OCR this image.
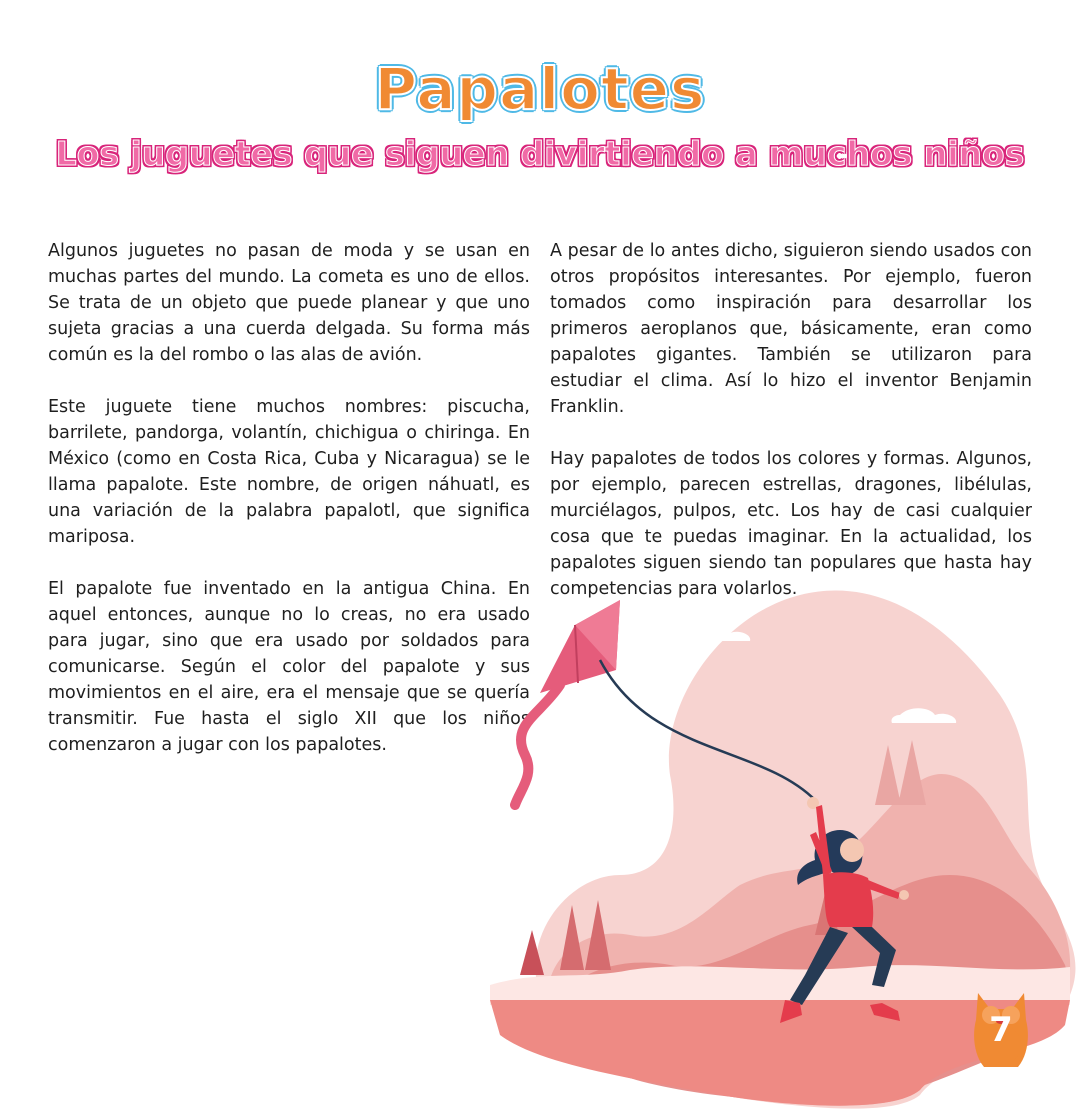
Papalotes
Los juguetes que siguen divirtiendo a muchos niños

Algunos juguetes no pasan de moda y se usan en muchas partes del mundo. La cometa es uno de ellos. Se trata de un objeto que puede planear y que uno sujeta gracias a una cuerda delgada. Su forma más común es la del rombo o las alas de avión.

Este juguete tiene muchos nombres: piscucha, barrilete, pandorga, volantín, chichigua o chiringa. En México (como en Costa Rica, Cuba y Nicaragua) se le llama papalote. Este nombre, de origen náhuatl, es una variación de la palabra papalotl, que significa mariposa.

El papalote fue inventado en la antigua China. En aquel entonces, aunque no lo creas, no era usado para jugar, sino que era usado por soldados para comunicarse. Según el color del papalote y sus movimientos en el aire, era el mensaje que se quería transmitir. Fue hasta el siglo XII que los niños comenzaron a jugar con los papalotes.

A pesar de lo antes dicho, siguieron siendo usados con otros propósitos interesantes. Por ejemplo, fueron tomados como inspiración para desarrollar los primeros aeroplanos que, básicamente, eran como papalotes gigantes. También se utilizaron para estudiar el clima. Así lo hizo el inventor Benjamin Franklin.

Hay papalotes de todos los colores y formas. Algunos, por ejemplo, parecen estrellas, dragones, libélulas, murciélagos, pulpos, etc. Los hay de casi cualquier cosa que te puedas imaginar. En la actualidad, los papalotes siguen siendo tan populares que hasta hay competencias para volarlos.

7
